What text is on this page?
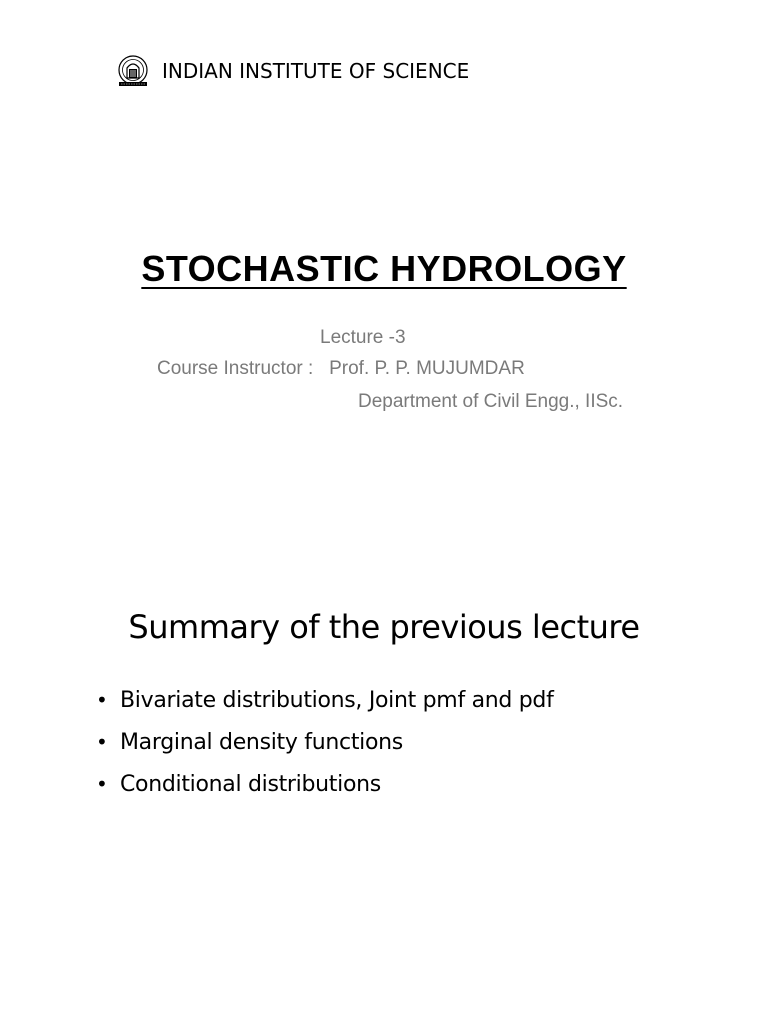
INDIAN INSTITUTE OF SCIENCE
STOCHASTIC HYDROLOGY
Lecture -3
Course Instructor :   Prof. P. P. MUJUMDAR
Department of Civil Engg., IISc.
Summary of the previous lecture
• Bivariate distributions, Joint pmf and pdf
• Marginal density functions
• Conditional distributions
